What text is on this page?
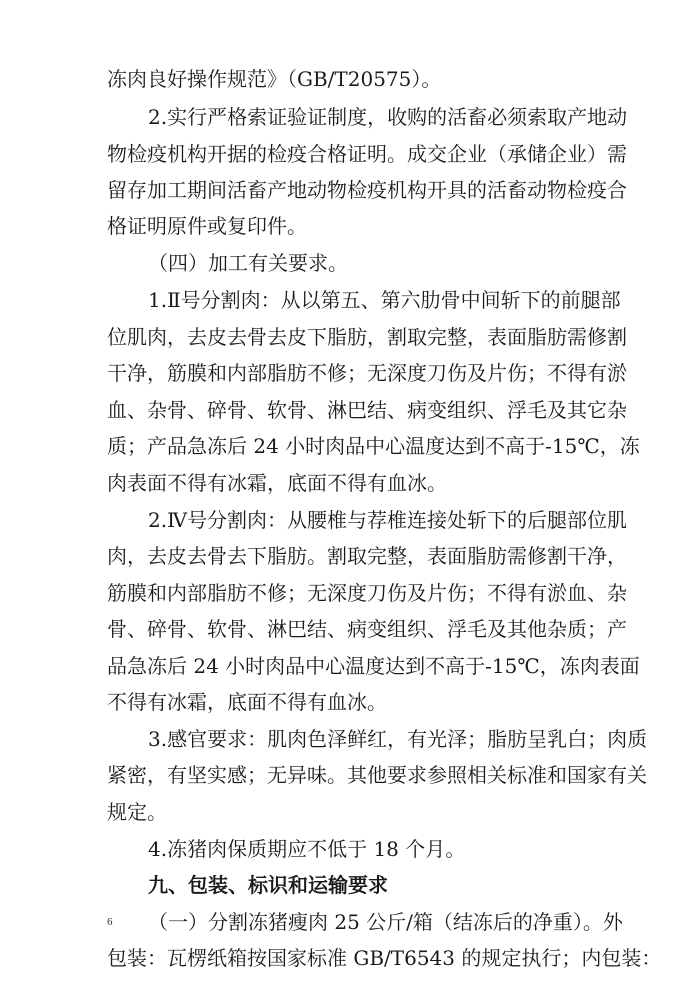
冻肉良好操作规范》（GB/T20575）。
2.实行严格索证验证制度，收购的活畜必须索取产地动
物检疫机构开据的检疫合格证明。成交企业（承储企业）需
留存加工期间活畜产地动物检疫机构开具的活畜动物检疫合
格证明原件或复印件。
（四）加工有关要求。
1.Ⅱ号分割肉：从以第五、第六肋骨中间斩下的前腿部
位肌肉，去皮去骨去皮下脂肪，割取完整，表面脂肪需修割
干净，筋膜和内部脂肪不修；无深度刀伤及片伤；不得有淤
血、杂骨、碎骨、软骨、淋巴结、病变组织、浮毛及其它杂
质；产品急冻后 24 小时肉品中心温度达到不高于-15℃，冻
肉表面不得有冰霜，底面不得有血冰。
2.Ⅳ号分割肉：从腰椎与荐椎连接处斩下的后腿部位肌
肉，去皮去骨去下脂肪。割取完整，表面脂肪需修割干净，
筋膜和内部脂肪不修；无深度刀伤及片伤；不得有淤血、杂
骨、碎骨、软骨、淋巴结、病变组织、浮毛及其他杂质；产
品急冻后 24 小时肉品中心温度达到不高于-15℃，冻肉表面
不得有冰霜，底面不得有血冰。
3.感官要求：肌肉色泽鲜红，有光泽；脂肪呈乳白；肉质
紧密，有坚实感；无异味。其他要求参照相关标准和国家有关
规定。
4.冻猪肉保质期应不低于 18 个月。
九、包装、标识和运输要求
（一）分割冻猪瘦肉 25 公斤/箱（结冻后的净重）。外
包装：瓦楞纸箱按国家标准 GB/T6543 的规定执行；内包装：
6
